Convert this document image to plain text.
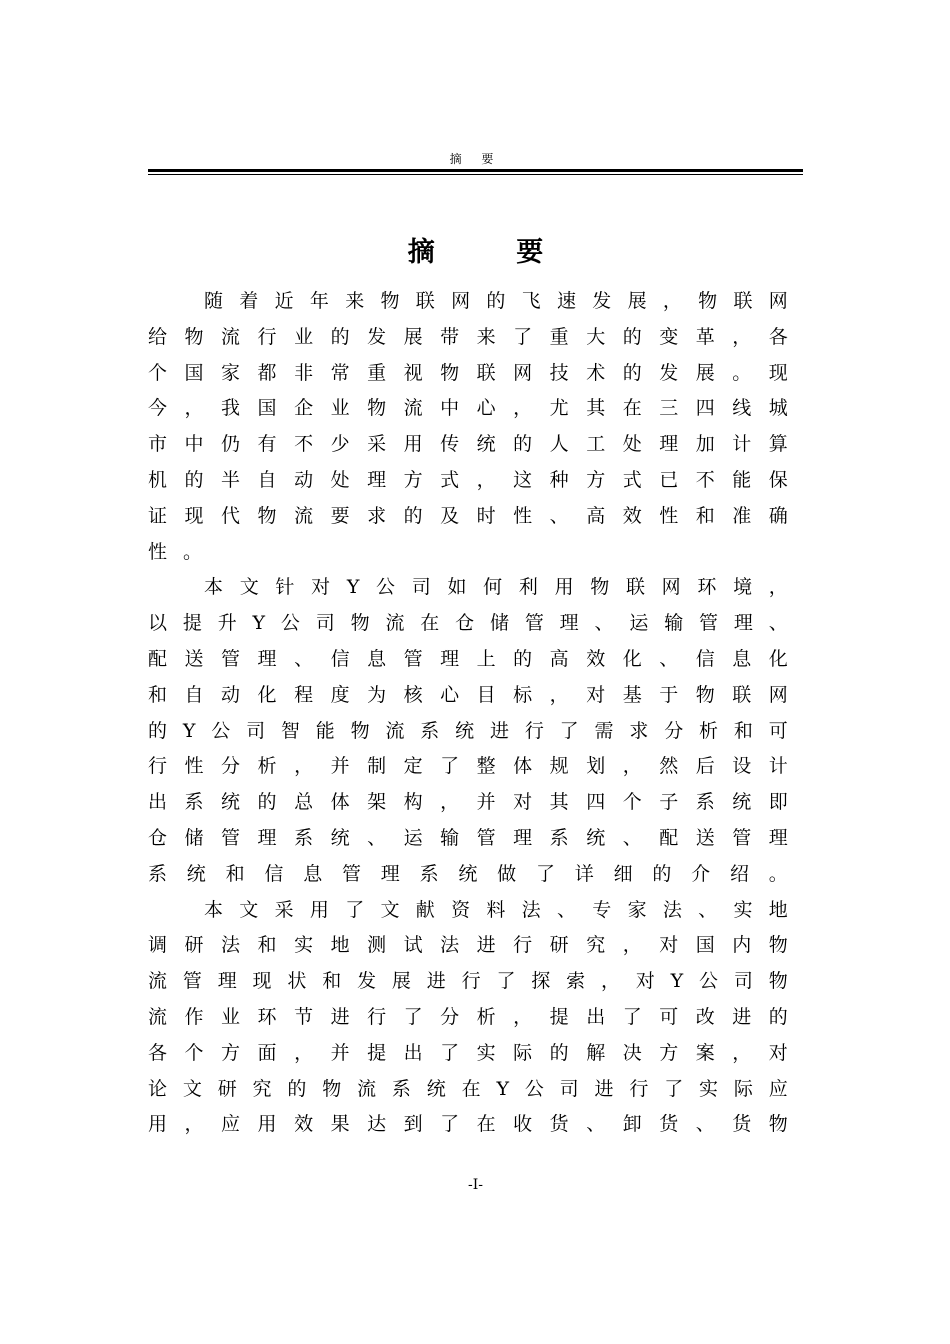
摘 要
摘 要
随 着 近 年 来 物 联 网 的 飞 速 发 展 ， 物 联 网
给 物 流 行 业 的 发 展 带 来 了 重 大 的 变 革 ， 各
个 国 家 都 非 常 重 视 物 联 网 技 术 的 发 展 。 现
今 ， 我 国 企 业 物 流 中 心 ， 尤 其 在 三 四 线 城
市 中 仍 有 不 少 采 用 传 统 的 人 工 处 理 加 计 算
机 的 半 自 动 处 理 方 式 ， 这 种 方 式 已 不 能 保
证 现 代 物 流 要 求 的 及 时 性 、 高 效 性 和 准 确
性 。
本 文 针 对 Y 公 司 如 何 利 用 物 联 网 环 境 ，
以 提 升 Y 公 司 物 流 在 仓 储 管 理 、 运 输 管 理 、
配 送 管 理 、 信 息 管 理 上 的 高 效 化 、 信 息 化
和 自 动 化 程 度 为 核 心 目 标 ， 对 基 于 物 联 网
的 Y 公 司 智 能 物 流 系 统 进 行 了 需 求 分 析 和 可
行 性 分 析 ， 并 制 定 了 整 体 规 划 ， 然 后 设 计
出 系 统 的 总 体 架 构 ， 并 对 其 四 个 子 系 统 即
仓 储 管 理 系 统 、 运 输 管 理 系 统 、 配 送 管 理
系 统 和 信 息 管 理 系 统 做 了 详 细 的 介 绍 。
本 文 采 用 了 文 献 资 料 法 、 专 家 法 、 实 地
调 研 法 和 实 地 测 试 法 进 行 研 究 ， 对 国 内 物
流 管 理 现 状 和 发 展 进 行 了 探 索 ， 对 Y 公 司 物
流 作 业 环 节 进 行 了 分 析 ， 提 出 了 可 改 进 的
各 个 方 面 ， 并 提 出 了 实 际 的 解 决 方 案 ， 对
论 文 研 究 的 物 流 系 统 在 Y 公 司 进 行 了 实 际 应
用 ， 应 用 效 果 达 到 了 在 收 货 、 卸 货 、 货 物
-I-
